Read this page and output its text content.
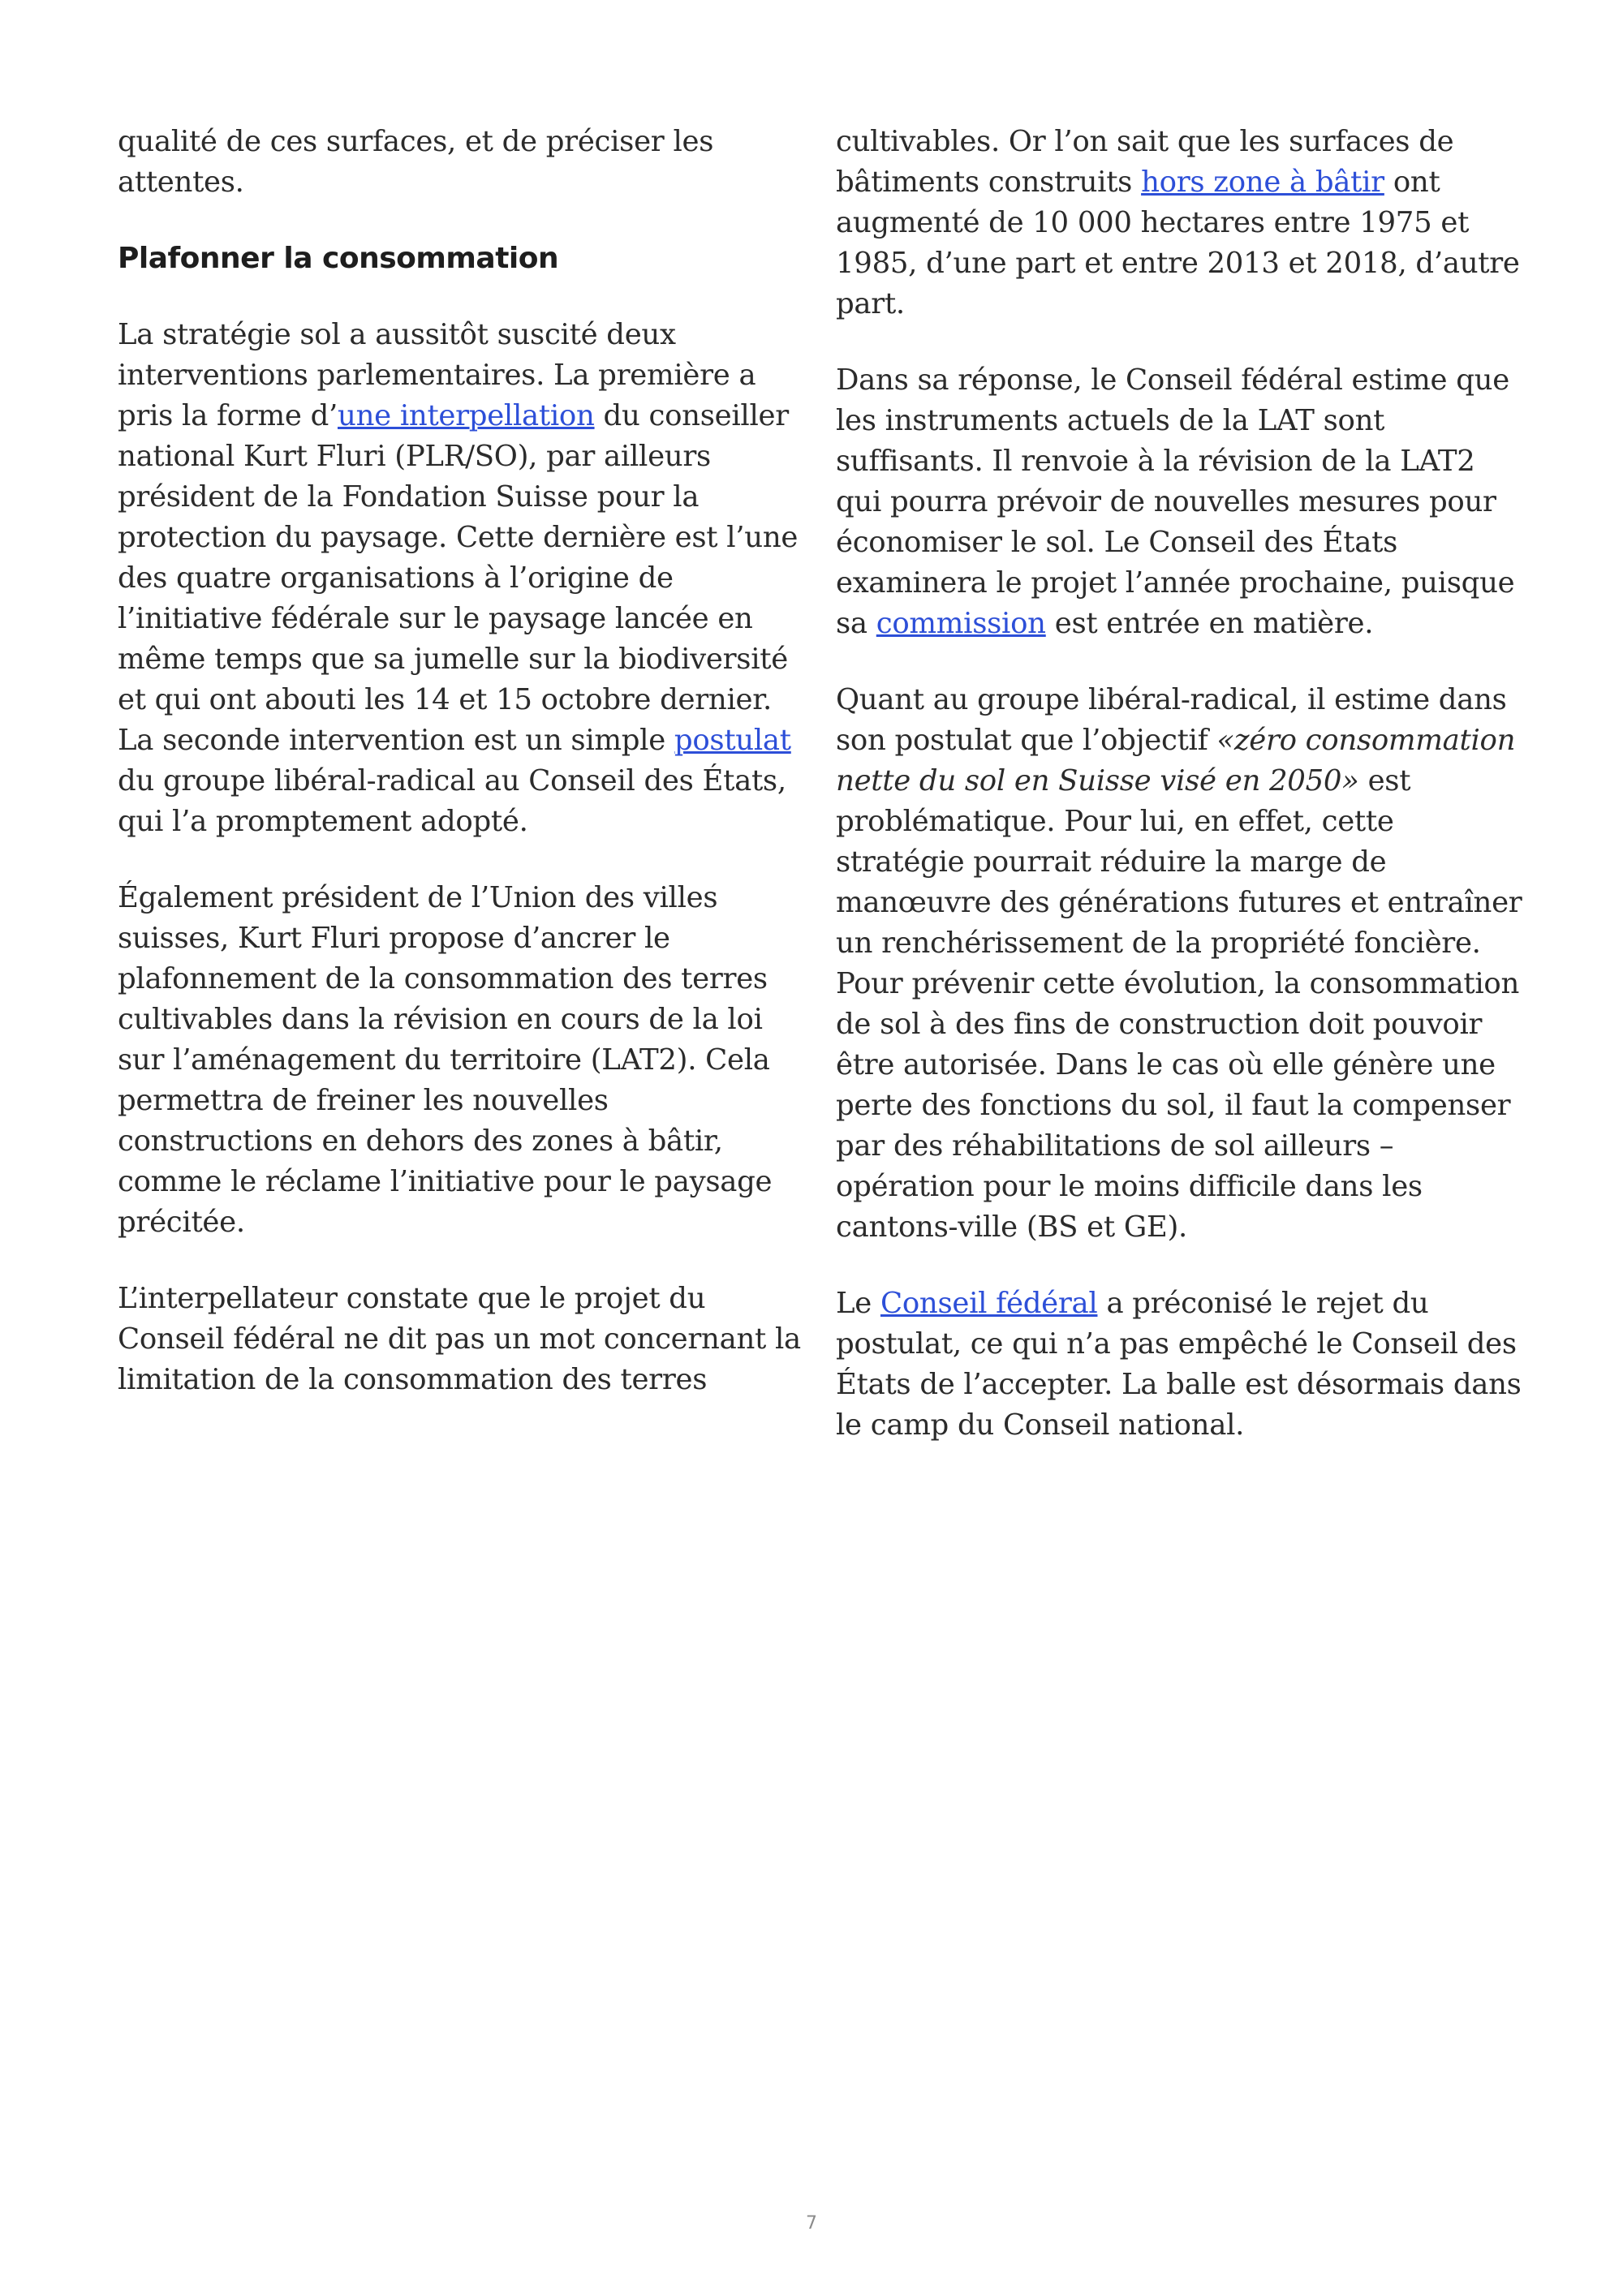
qualité de ces surfaces, et de préciser les attentes.

Plafonner la consommation

La stratégie sol a aussitôt suscité deux interventions parlementaires. La première a pris la forme d’une interpellation du conseiller national Kurt Fluri (PLR/SO), par ailleurs président de la Fondation Suisse pour la protection du paysage. Cette dernière est l’une des quatre organisations à l’origine de l’initiative fédérale sur le paysage lancée en même temps que sa jumelle sur la biodiversité et qui ont abouti les 14 et 15 octobre dernier. La seconde intervention est un simple postulat du groupe libéral-radical au Conseil des États, qui l’a promptement adopté.

Également président de l’Union des villes suisses, Kurt Fluri propose d’ancrer le plafonnement de la consommation des terres cultivables dans la révision en cours de la loi sur l’aménagement du territoire (LAT2). Cela permettra de freiner les nouvelles constructions en dehors des zones à bâtir, comme le réclame l’initiative pour le paysage précitée.

L’interpellateur constate que le projet du Conseil fédéral ne dit pas un mot concernant la limitation de la consommation des terres

cultivables. Or l’on sait que les surfaces de bâtiments construits hors zone à bâtir ont augmenté de 10 000 hectares entre 1975 et 1985, d’une part et entre 2013 et 2018, d’autre part.

Dans sa réponse, le Conseil fédéral estime que les instruments actuels de la LAT sont suffisants. Il renvoie à la révision de la LAT2 qui pourra prévoir de nouvelles mesures pour économiser le sol. Le Conseil des États examinera le projet l’année prochaine, puisque sa commission est entrée en matière.

Quant au groupe libéral-radical, il estime dans son postulat que l’objectif «zéro consommation nette du sol en Suisse visé en 2050» est problématique. Pour lui, en effet, cette stratégie pourrait réduire la marge de manœuvre des générations futures et entraîner un renchérissement de la propriété foncière. Pour prévenir cette évolution, la consommation de sol à des fins de construction doit pouvoir être autorisée. Dans le cas où elle génère une perte des fonctions du sol, il faut la compenser par des réhabilitations de sol ailleurs – opération pour le moins difficile dans les cantons-ville (BS et GE).

Le Conseil fédéral a préconisé le rejet du postulat, ce qui n’a pas empêché le Conseil des États de l’accepter. La balle est désormais dans le camp du Conseil national.

7
